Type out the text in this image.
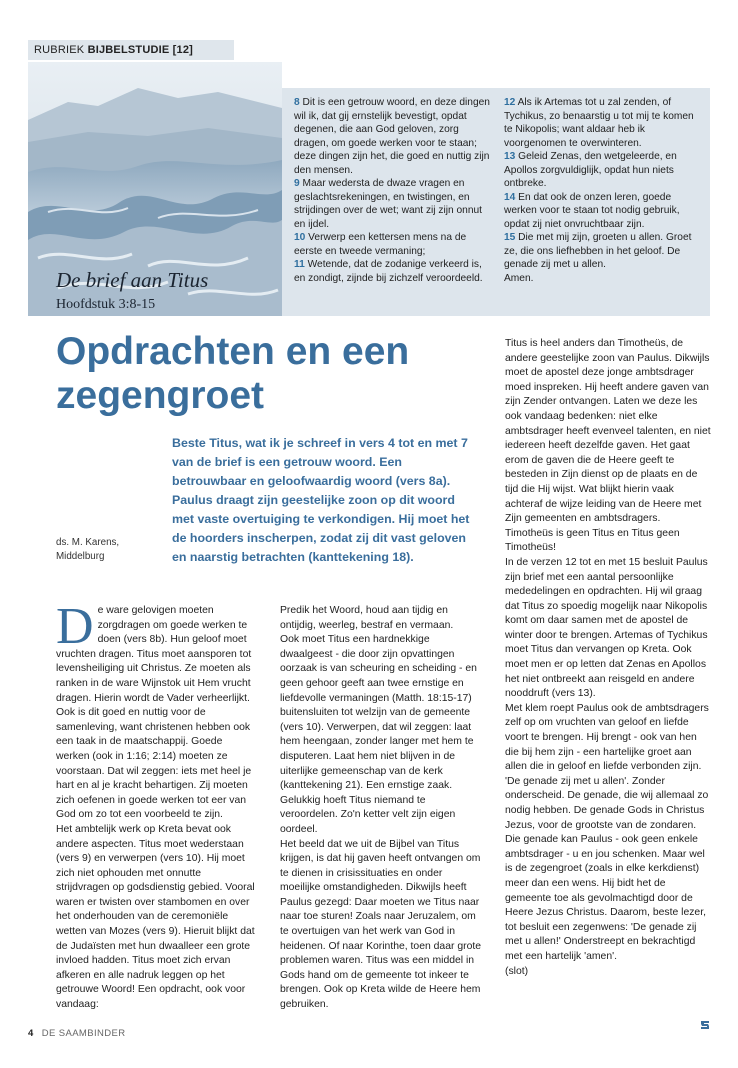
RUBRIEK BIJBELSTUDIE [12]
De brief aan Titus
Hoofdstuk 3:8-15

8 Dit is een getrouw woord, en deze dingen wil ik, dat gij ernstelijk bevestigt, opdat degenen, die aan God geloven, zorg dragen, om goede werken voor te staan; deze dingen zijn het, die goed en nuttig zijn den mensen.

9 Maar wedersta de dwaze vragen en geslachtsrekeningen, en twistingen, en strijdingen over de wet; want zij zijn onnut en ijdel.

10 Verwerp een kettersen mens na de eerste en tweede vermaning;

11 Wetende, dat de zodanige verkeerd is, en zondigt, zijnde bij zichzelf veroordeeld.

12 Als ik Artemas tot u zal zenden, of Tychikus, zo benaarstig u tot mij te komen te Nikopolis; want aldaar heb ik voorgenomen te overwinteren.

13 Geleid Zenas, den wetgeleerde, en Apollos zorgvuldiglijk, opdat hun niets ontbreke.

14 En dat ook de onzen leren, goede werken voor te staan tot nodig gebruik, opdat zij niet onvruchtbaar zijn.

15 Die met mij zijn, groeten u allen. Groet ze, die ons liefhebben in het geloof. De genade zij met u allen.

Amen.

Opdrachten en een zegengroet
Beste Titus, wat ik je schreef in vers 4 tot en met 7 van de brief is een getrouw woord. Een betrouwbaar en geloofwaardig woord (vers 8a). Paulus draagt zijn geestelijke zoon op dit woord met vaste overtuiging te verkondigen. Hij moet het de hoorders inscherpen, zodat zij dit vast geloven en naarstig betrachten (kanttekening 18).
ds. M. Karens,
Middelburg
D e ware gelovigen moeten zorgdragen om goede werken te doen (vers 8b). Hun geloof moet vruchten dragen. Titus moet aansporen tot levensheiliging uit Christus. Ze moeten als ranken in de ware Wijnstok uit Hem vrucht dragen. Hierin wordt de Vader verheerlijkt. Ook is dit goed en nuttig voor de samenleving, want christenen hebben ook een taak in de maatschappij. Goede werken (ook in 1:16; 2:14) moeten ze voorstaan. Dat wil zeggen: iets met heel je hart en al je kracht behartigen. Zij moeten zich oefenen in goede werken tot eer van God om zo tot een voorbeeld te zijn.

Het ambtelijk werk op Kreta bevat ook andere aspecten. Titus moet wederstaan (vers 9) en verwerpen (vers 10). Hij moet zich niet ophouden met onnutte strijdvragen op godsdienstig gebied. Vooral waren er twisten over stambomen en over het onderhouden van de ceremoniële wetten van Mozes (vers 9). Hieruit blijkt dat de Judaïsten met hun dwaalleer een grote invloed hadden. Titus moet zich ervan afkeren en alle nadruk leggen op het getrouwe Woord! Een opdracht, ook voor vandaag:

Predik het Woord, houd aan tijdig en ontijdig, weerleg, bestraf en vermaan.

Ook moet Titus een hardnekkige dwaalgeest - die door zijn opvattingen oorzaak is van scheuring en scheiding - en geen gehoor geeft aan twee ernstige en liefdevolle vermaningen (Matth. 18:15-17) buitensluiten tot welzijn van de gemeente (vers 10). Verwerpen, dat wil zeggen: laat hem heengaan, zonder langer met hem te disputeren. Laat hem niet blijven in de uiterlijke gemeenschap van de kerk (kanttekening 21). Een ernstige zaak. Gelukkig hoeft Titus niemand te veroordelen. Zo'n ketter velt zijn eigen oordeel.

Het beeld dat we uit de Bijbel van Titus krijgen, is dat hij gaven heeft ontvangen om te dienen in crisissituaties en onder moeilijke omstandigheden. Dikwijls heeft Paulus gezegd: Daar moeten we Titus naar naar toe sturen! Zoals naar Jeruzalem, om te overtuigen van het werk van God in heidenen. Of naar Korinthe, toen daar grote problemen waren. Titus was een middel in Gods hand om de gemeente tot inkeer te brengen. Ook op Kreta wilde de Heere hem gebruiken.

Titus is heel anders dan Timotheüs, de andere geestelijke zoon van Paulus. Dikwijls moet de apostel deze jonge ambtsdrager moed inspreken. Hij heeft andere gaven van zijn Zender ontvangen. Laten we deze les ook vandaag bedenken: niet elke ambtsdrager heeft evenveel talenten, en niet iedereen heeft dezelfde gaven. Het gaat erom de gaven die de Heere geeft te besteden in Zijn dienst op de plaats en de tijd die Hij wijst. Wat blijkt hierin vaak achteraf de wijze leiding van de Heere met Zijn gemeenten en ambtsdragers. Timotheüs is geen Titus en Titus geen Timotheüs!

In de verzen 12 tot en met 15 besluit Paulus zijn brief met een aantal persoonlijke mededelingen en opdrachten. Hij wil graag dat Titus zo spoedig mogelijk naar Nikopolis komt om daar samen met de apostel de winter door te brengen. Artemas of Tychikus moet Titus dan vervangen op Kreta. Ook moet men er op letten dat Zenas en Apollos het niet ontbreekt aan reisgeld en andere nooddruft (vers 13).

Met klem roept Paulus ook de ambtsdragers zelf op om vruchten van geloof en liefde voort te brengen. Hij brengt - ook van hen die bij hem zijn - een hartelijke groet aan allen die in geloof en liefde verbonden zijn. 'De genade zij met u allen'. Zonder onderscheid. De genade, die wij allemaal zo nodig hebben. De genade Gods in Christus Jezus, voor de grootste van de zondaren. Die genade kan Paulus - ook geen enkele ambtsdrager - u en jou schenken. Maar wel is de zegengroet (zoals in elke kerkdienst) meer dan een wens. Hij bidt het de gemeente toe als gevolmachtigd door de Heere Jezus Christus. Daarom, beste lezer, tot besluit een zegenwens: 'De genade zij met u allen!' Onderstreept en bekrachtigd met een hartelijk 'amen'.

(slot)

4 DE SAAMBINDER
